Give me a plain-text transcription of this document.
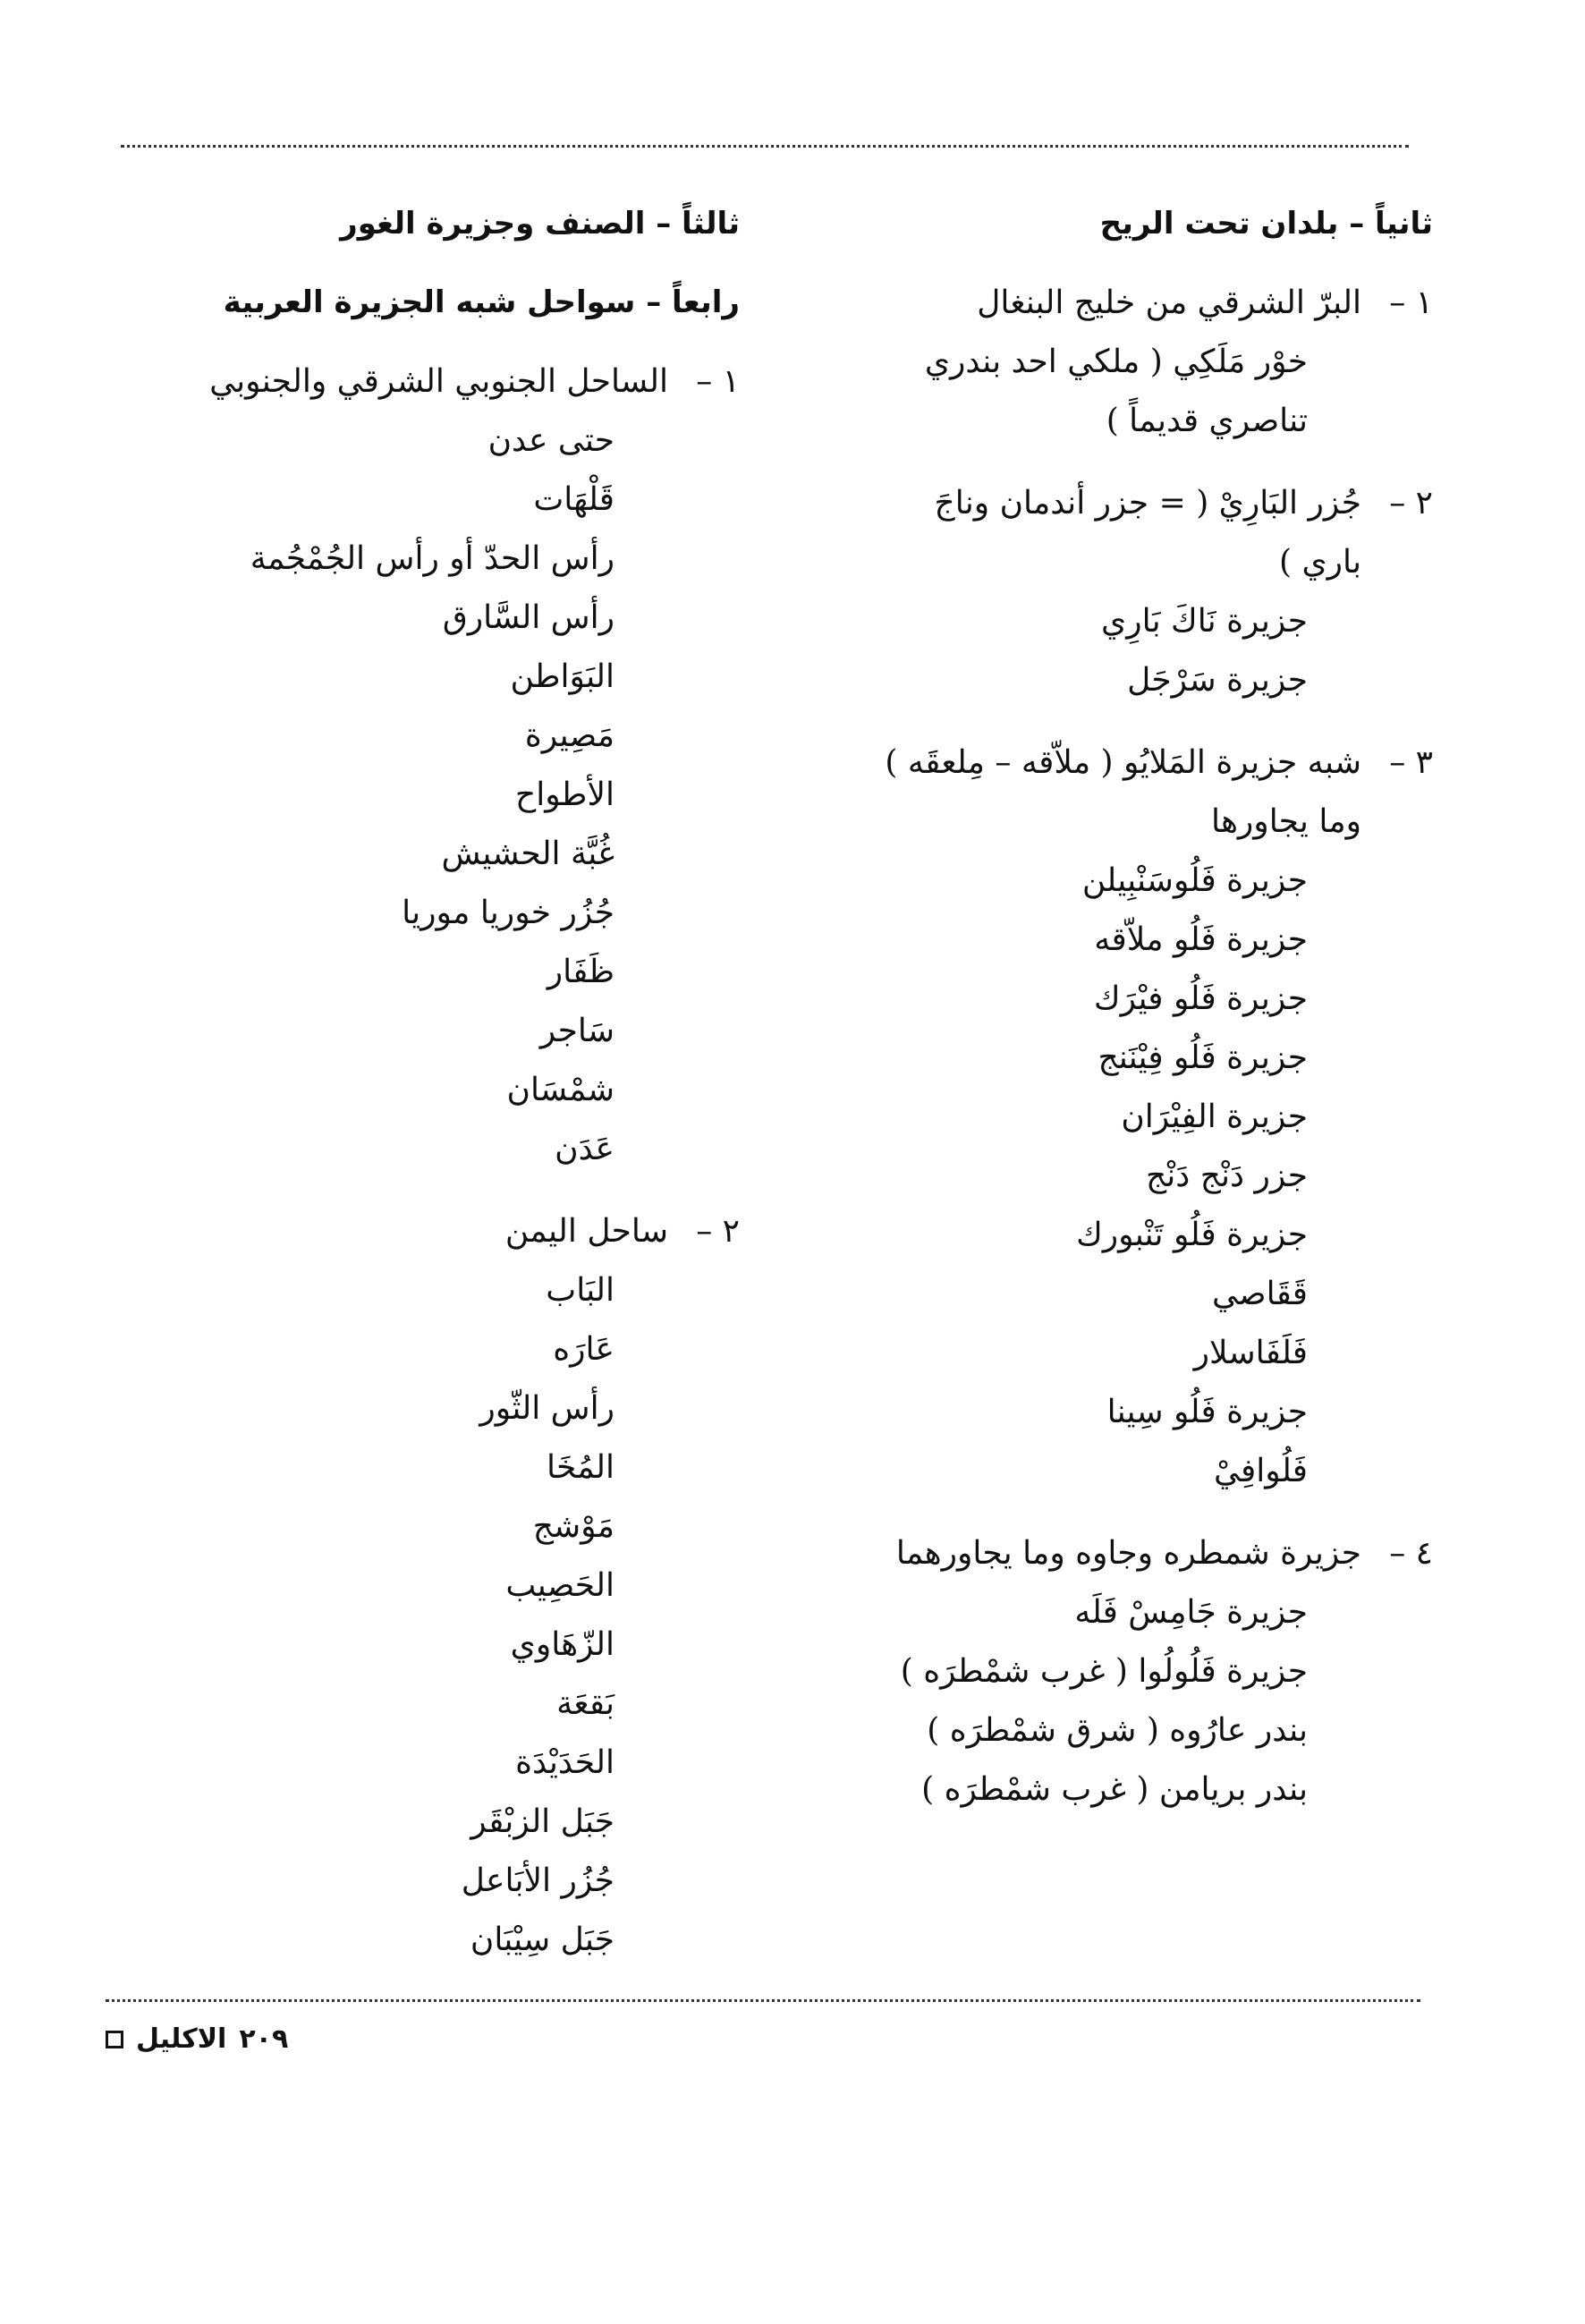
ثانياً – بلدان تحت الريح
١ –
البرّ الشرقي من خليج البنغال
خوْر مَلَكِي ( ملكي احد بندري
تناصري قديماً )
٢ –
جُزر البَارِيْ ( = جزر أندمان وناجَ
باري )
جزيرة نَاكَ بَارِي
جزيرة سَرْجَل
٣ –
شبه جزيرة المَلايُو ( ملاّقه – مِلعقَه )
وما يجاورها
جزيرة فَلُوسَنْبِيلن
جزيرة فَلُو ملاّقه
جزيرة فَلُو فيْرَك
جزيرة فَلُو فِيْنَنج
جزيرة الفِيْرَان
جزر دَنْج دَنْج
جزيرة فَلُو تَنْبورك
قَقَاصي
فَلَفَاسلار
جزيرة فَلُو سِينا
فَلُوافِيْ
٤ –
جزيرة شمطره وجاوه وما يجاورهما
جزيرة جَامِسْ فَلَه
جزيرة فَلُولُوا ( غرب شمْطرَه )
بندر عارُوه ( شرق شمْطرَه )
بندر بريامن ( غرب شمْطرَه )
ثالثاً – الصنف وجزيرة الغور
رابعاً – سواحل شبه الجزيرة العربية
١ –
الساحل الجنوبي الشرقي والجنوبي
حتى عدن
قَلْهَات
رأس الحدّ أو رأس الجُمْجُمة
رأس السَّارق
البَوَاطن
مَصِيرة
الأطواح
غُبَّة الحشيش
جُزُر خوريا موريا
ظَفَار
سَاجر
شمْسَان
عَدَن
٢ –
ساحل اليمن
البَاب
عَارَه
رأس الثّور
المُخَا
مَوْشج
الحَصِيب
الزّهَاوي
بَقعَة
الحَدَيْدَة
جَبَل الزبْقَر
جُزُر الأبَاعل
جَبَل سِيْبَان
الاكليل ٢٠٩
